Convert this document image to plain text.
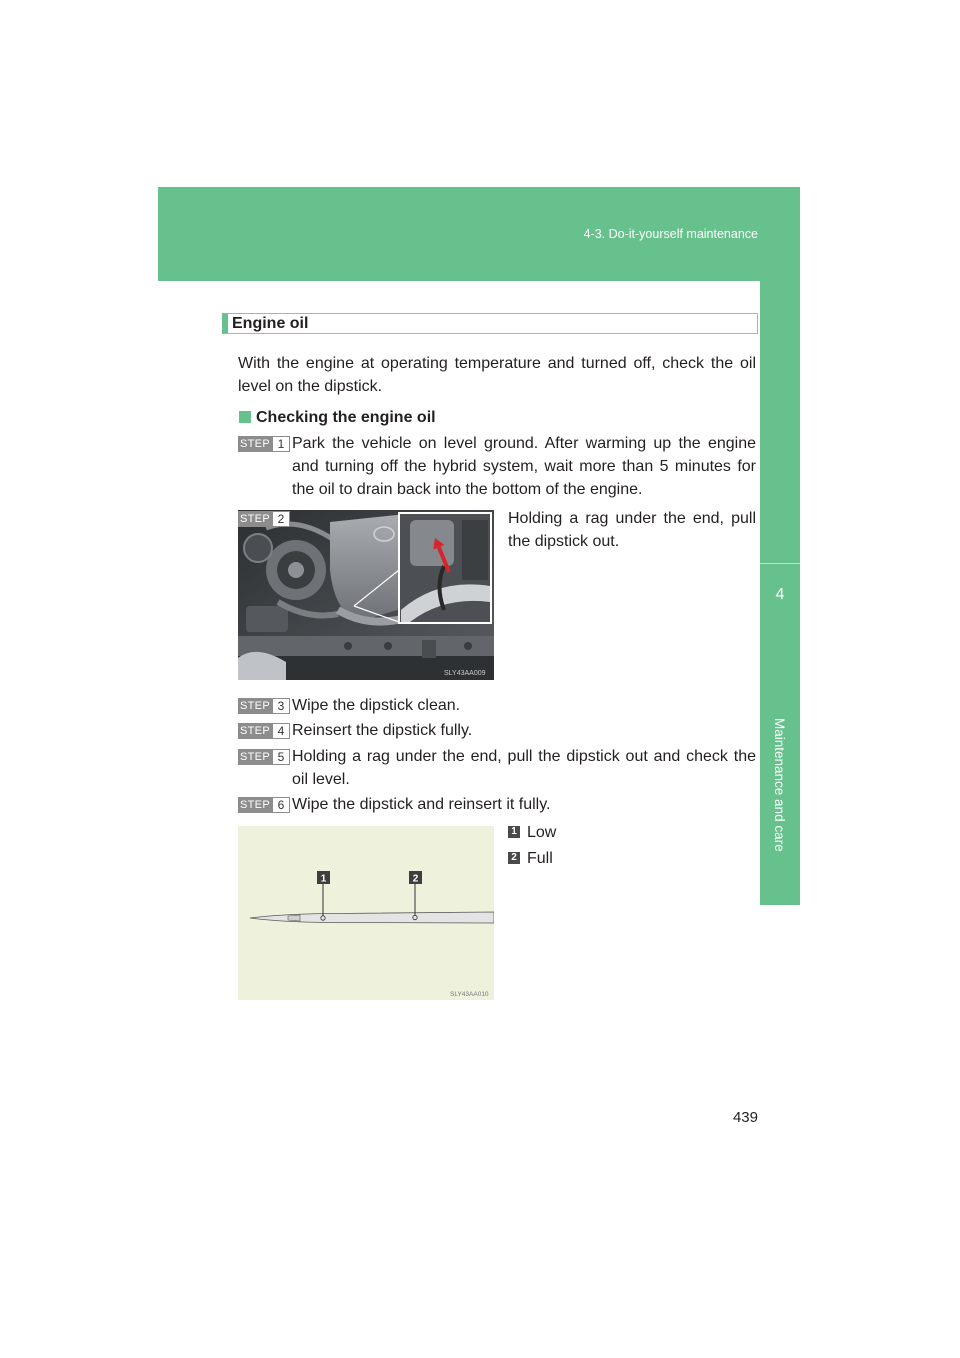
4-3. Do-it-yourself maintenance
4
Maintenance and care
Engine oil

With the engine at operating temperature and turned off, check the oil level on the dipstick.

Checking the engine oil
STEP 1 Park the vehicle on level ground. After warming up the engine and turning off the hybrid system, wait more than 5 minutes for the oil to drain back into the bottom of the engine.
SLY43AA009
STEP 2	Holding a rag under the end, pull the dipstick out.
STEP 3 Wipe the dipstick clean.
STEP 4 Reinsert the dipstick fully.
STEP 5 Holding a rag under the end, pull the dipstick out and check the oil level.
STEP 6 Wipe the dipstick and reinsert it fully.
1	2
SLY43AA010
1 Low
2 Full
439
